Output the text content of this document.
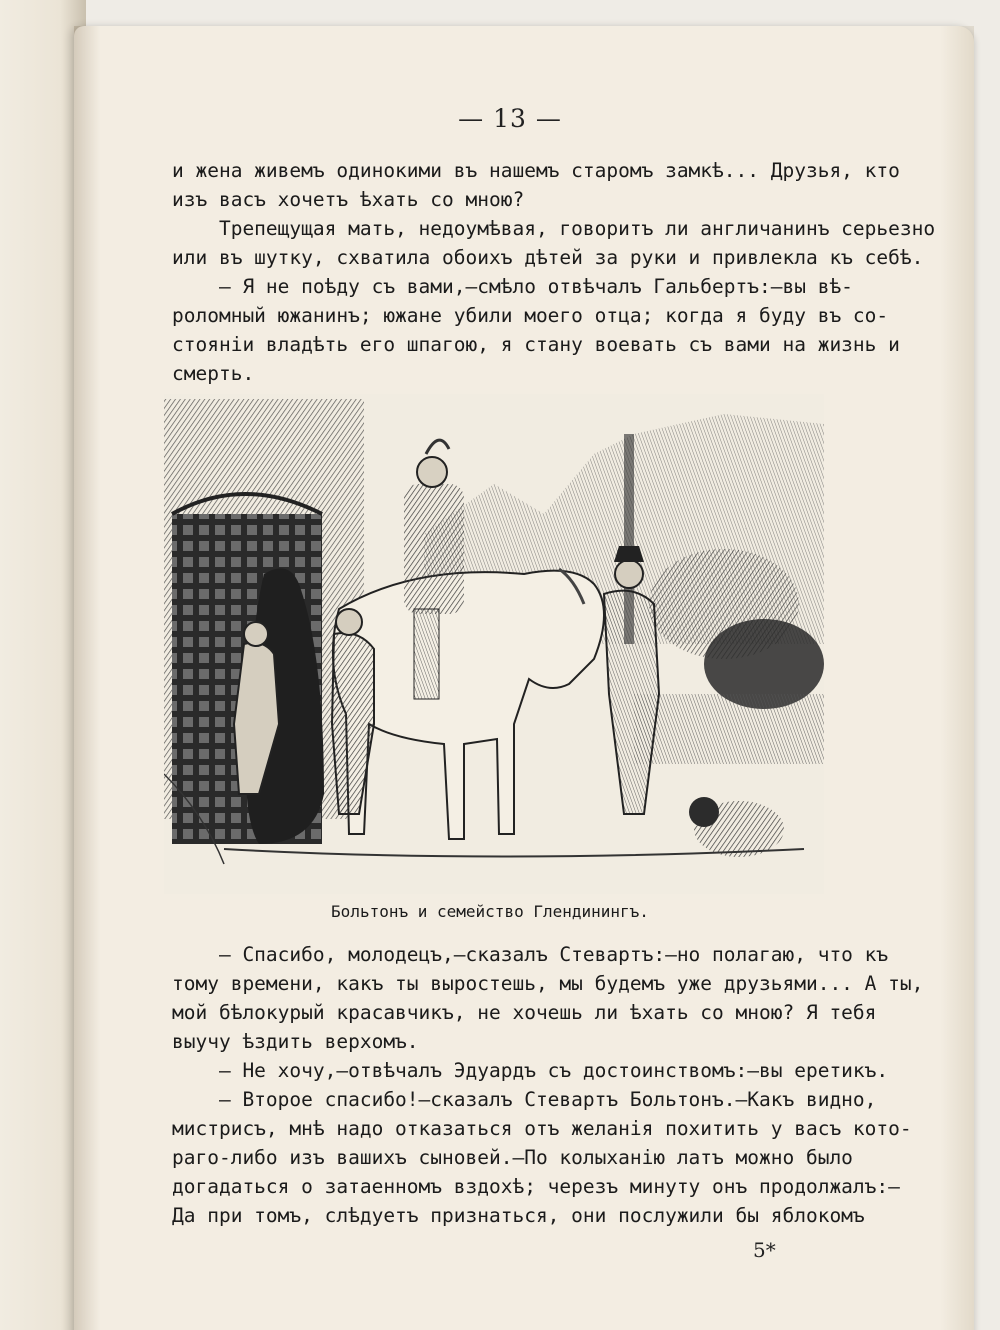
— 13 —
и жена живемъ одинокими въ нашемъ старомъ замкѣ... Друзья, кто
изъ васъ хочетъ ѣхать со мною?
Трепещущая мать, недоумѣвая, говоритъ ли англичанинъ серьезно
или въ шутку, схватила обоихъ дѣтей за руки и привлекла къ себѣ.
— Я не поѣду съ вами,—смѣло отвѣчалъ Гальбертъ:—вы вѣ-
роломный южанинъ; южане убили моего отца; когда я буду въ со-
стояніи владѣть его шпагою, я стану воевать съ вами на жизнь и
смерть.
Больтонъ и семейство Глендинингъ.
— Спасибо, молодецъ,—сказалъ Стевартъ:—но полагаю, что къ
тому времени, какъ ты выростешь, мы будемъ уже друзьями... А ты,
мой бѣлокурый красавчикъ, не хочешь ли ѣхать со мною? Я тебя
выучу ѣздить верхомъ.
— Не хочу,—отвѣчалъ Эдуардъ съ достоинствомъ:—вы еретикъ.
— Второе спасибо!—сказалъ Стевартъ Больтонъ.—Какъ видно,
мистрисъ, мнѣ надо отказаться отъ желанія похитить у васъ кото-
раго-либо изъ вашихъ сыновей.—По колыханію латъ можно было
догадаться о затаенномъ вздохѣ; черезъ минуту онъ продолжалъ:—
Да при томъ, слѣдуетъ признаться, они послужили бы яблокомъ
5*
